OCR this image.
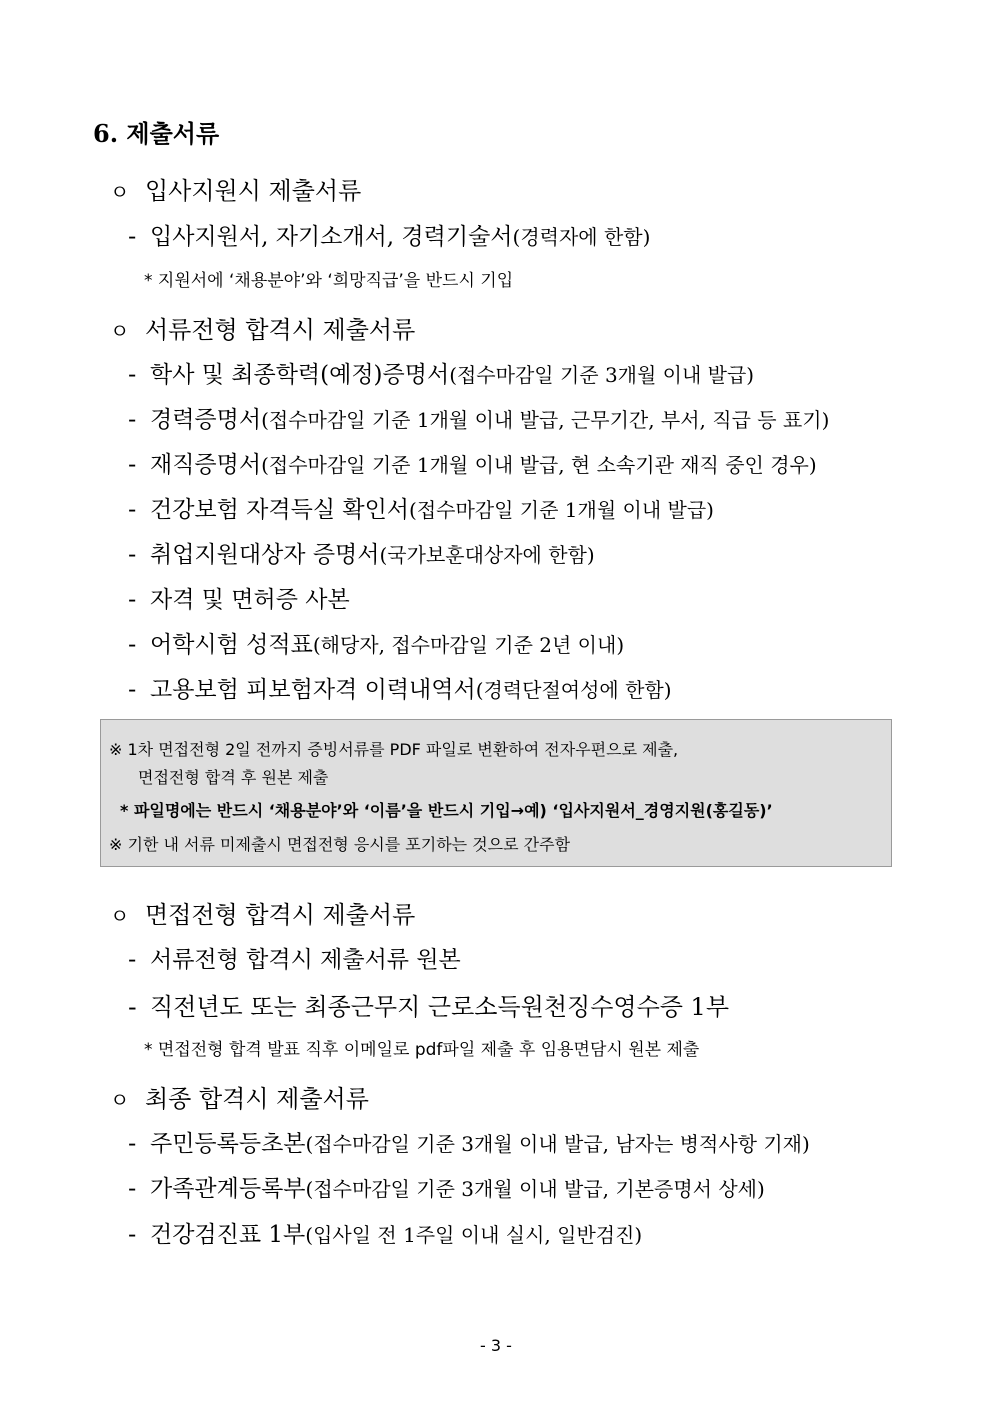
6. 제출서류
ㅇ 입사지원시 제출서류
- 입사지원서, 자기소개서, 경력기술서(경력자에 한함)
* 지원서에 ‘채용분야’와 ‘희망직급’을 반드시 기입
ㅇ 서류전형 합격시 제출서류
- 학사 및 최종학력(예정)증명서(접수마감일 기준 3개월 이내 발급)
- 경력증명서(접수마감일 기준 1개월 이내 발급, 근무기간, 부서, 직급 등 표기)
- 재직증명서(접수마감일 기준 1개월 이내 발급, 현 소속기관 재직 중인 경우)
- 건강보험 자격득실 확인서(접수마감일 기준 1개월 이내 발급)
- 취업지원대상자 증명서(국가보훈대상자에 한함)
- 자격 및 면허증 사본
- 어학시험 성적표(해당자, 접수마감일 기준 2년 이내)
- 고용보험 피보험자격 이력내역서(경력단절여성에 한함)
※ 1차 면접전형 2일 전까지 증빙서류를 PDF 파일로 변환하여 전자우편으로 제출,
면접전형 합격 후 원본 제출
* 파일명에는 반드시 ‘채용분야’와 ‘이름’을 반드시 기입→예) ‘입사지원서_경영지원(홍길동)’
※ 기한 내 서류 미제출시 면접전형 응시를 포기하는 것으로 간주함
ㅇ 면접전형 합격시 제출서류
- 서류전형 합격시 제출서류 원본
- 직전년도 또는 최종근무지 근로소득원천징수영수증 1부
* 면접전형 합격 발표 직후 이메일로 pdf파일 제출 후 임용면담시 원본 제출
ㅇ 최종 합격시 제출서류
- 주민등록등초본(접수마감일 기준 3개월 이내 발급, 남자는 병적사항 기재)
- 가족관계등록부(접수마감일 기준 3개월 이내 발급, 기본증명서 상세)
- 건강검진표 1부(입사일 전 1주일 이내 실시, 일반검진)
- 3 -
